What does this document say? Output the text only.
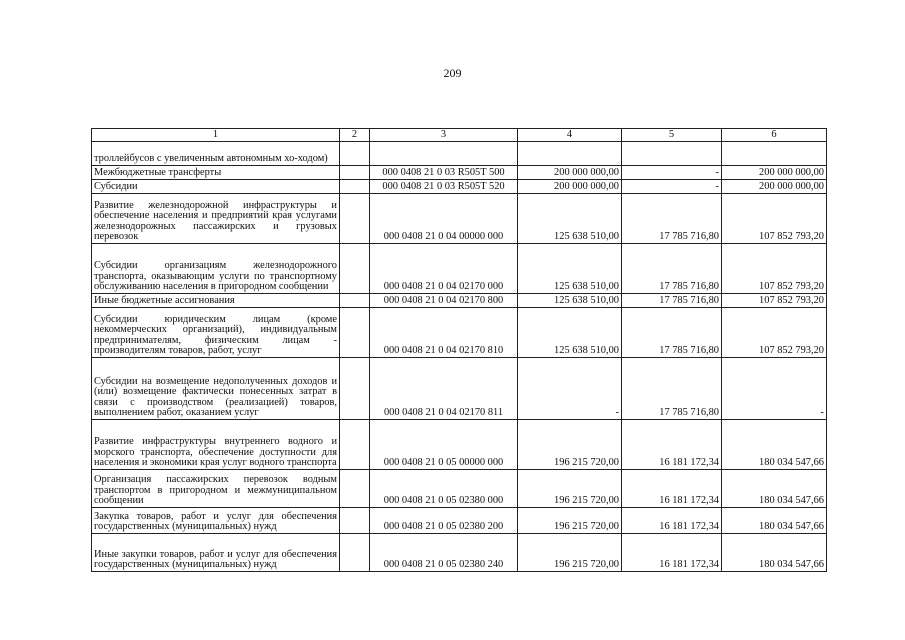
209
1	2	3	4	5	6
троллейбусов с увеличенным автономным хо-ходом)					
Межбюджетные трансферты		000 0408 21 0 03 R505T 500	200 000 000,00	-	200 000 000,00
Субсидии		000 0408 21 0 03 R505T 520	200 000 000,00	-	200 000 000,00
Развитие железнодорожной инфраструктуры и обеспечение населения и предприятий края услугами железнодорожных пассажирских и грузовых перевозок		000 0408 21 0 04 00000 000	125 638 510,00	17 785 716,80	107 852 793,20
Субсидии организациям железнодорожного транспорта, оказывающим услуги по транспортному обслуживанию населения в пригородном сообщении		000 0408 21 0 04 02170 000	125 638 510,00	17 785 716,80	107 852 793,20
Иные бюджетные ассигнования		000 0408 21 0 04 02170 800	125 638 510,00	17 785 716,80	107 852 793,20
Субсидии юридическим лицам (кроме некоммерческих организаций), индивидуальным предпринимателям, физическим лицам - производителям товаров, работ, услуг		000 0408 21 0 04 02170 810	125 638 510,00	17 785 716,80	107 852 793,20
Субсидии на возмещение недополученных доходов и (или) возмещение фактически понесенных затрат в связи с производством (реализацией) товаров, выполнением работ, оказанием услуг		000 0408 21 0 04 02170 811	-	17 785 716,80	-
Развитие инфраструктуры внутреннего водного и морского транспорта, обеспечение доступности для населения и экономики края услуг водного транспорта		000 0408 21 0 05 00000 000	196 215 720,00	16 181 172,34	180 034 547,66
Организация пассажирских перевозок водным транспортом в пригородном и межмуниципальном сообщении		000 0408 21 0 05 02380 000	196 215 720,00	16 181 172,34	180 034 547,66
Закупка товаров, работ и услуг для обеспечения государственных (муниципальных) нужд		000 0408 21 0 05 02380 200	196 215 720,00	16 181 172,34	180 034 547,66
Иные закупки товаров, работ и услуг для обеспечения государственных (муниципальных) нужд		000 0408 21 0 05 02380 240	196 215 720,00	16 181 172,34	180 034 547,66
